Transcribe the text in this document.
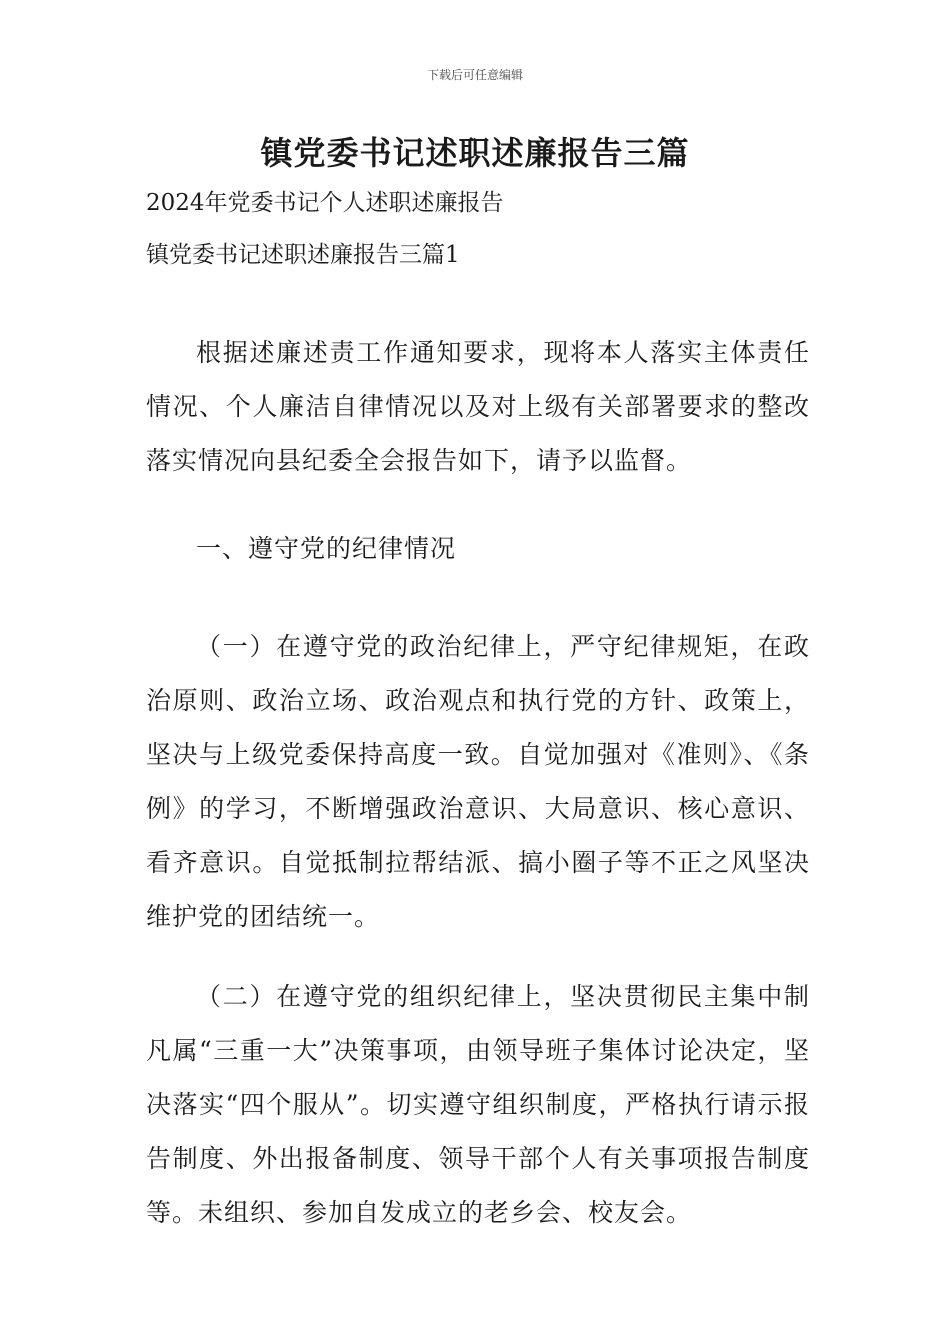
下载后可任意编辑
镇党委书记述职述廉报告三篇
2024年党委书记个人述职述廉报告
镇党委书记述职述廉报告三篇1
根据述廉述责工作通知要求，现将本人落实主体责任情况、个人廉洁自律情况以及对上级有关部署要求的整改落实情况向县纪委全会报告如下，请予以监督。
一、遵守党的纪律情况
（一）在遵守党的政治纪律上，严守纪律规矩，在政治原则、政治立场、政治观点和执行党的方针、政策上，坚决与上级党委保持高度一致。自觉加强对《准则》、《条例》的学习，不断增强政治意识、大局意识、核心意识、看齐意识。自觉抵制拉帮结派、搞小圈子等不正之风坚决维护党的团结统一。
（二）在遵守党的组织纪律上，坚决贯彻民主集中制凡属“三重一大”决策事项，由领导班子集体讨论决定，坚决落实“四个服从”。切实遵守组织制度，严格执行请示报告制度、外出报备制度、领导干部个人有关事项报告制度等。未组织、参加自发成立的老乡会、校友会。
